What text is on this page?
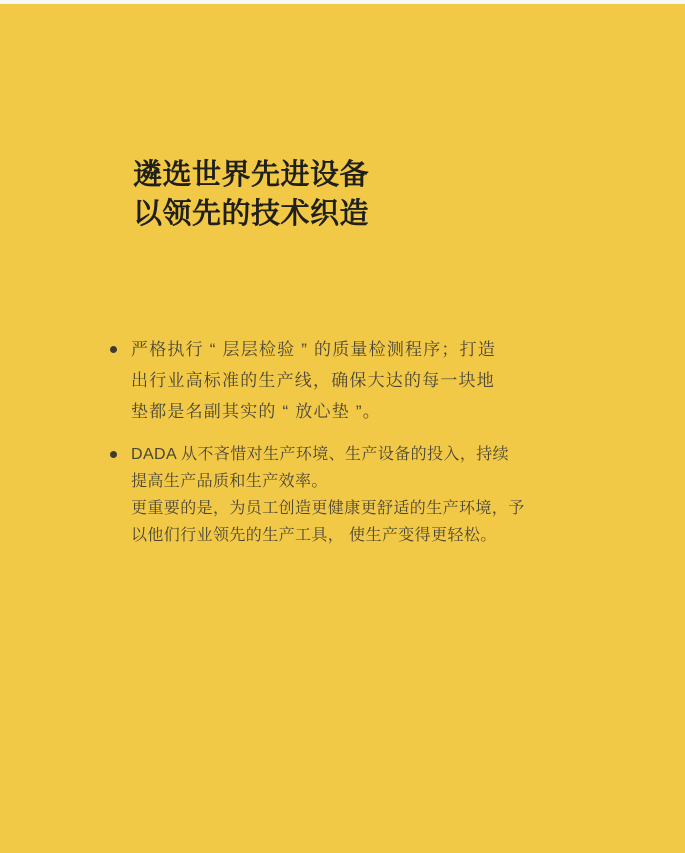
遴选世界先进设备
以领先的技术织造
严格执行 “ 层层检验 ” 的质量检测程序；打造
出行业高标准的生产线，确保大达的每一块地
垫都是名副其实的 “ 放心垫 ”。
DADA 从不吝惜对生产环境、生产设备的投入，持续
提高生产品质和生产效率。
更重要的是，为员工创造更健康更舒适的生产环境，予
以他们行业领先的生产工具， 使生产变得更轻松。
